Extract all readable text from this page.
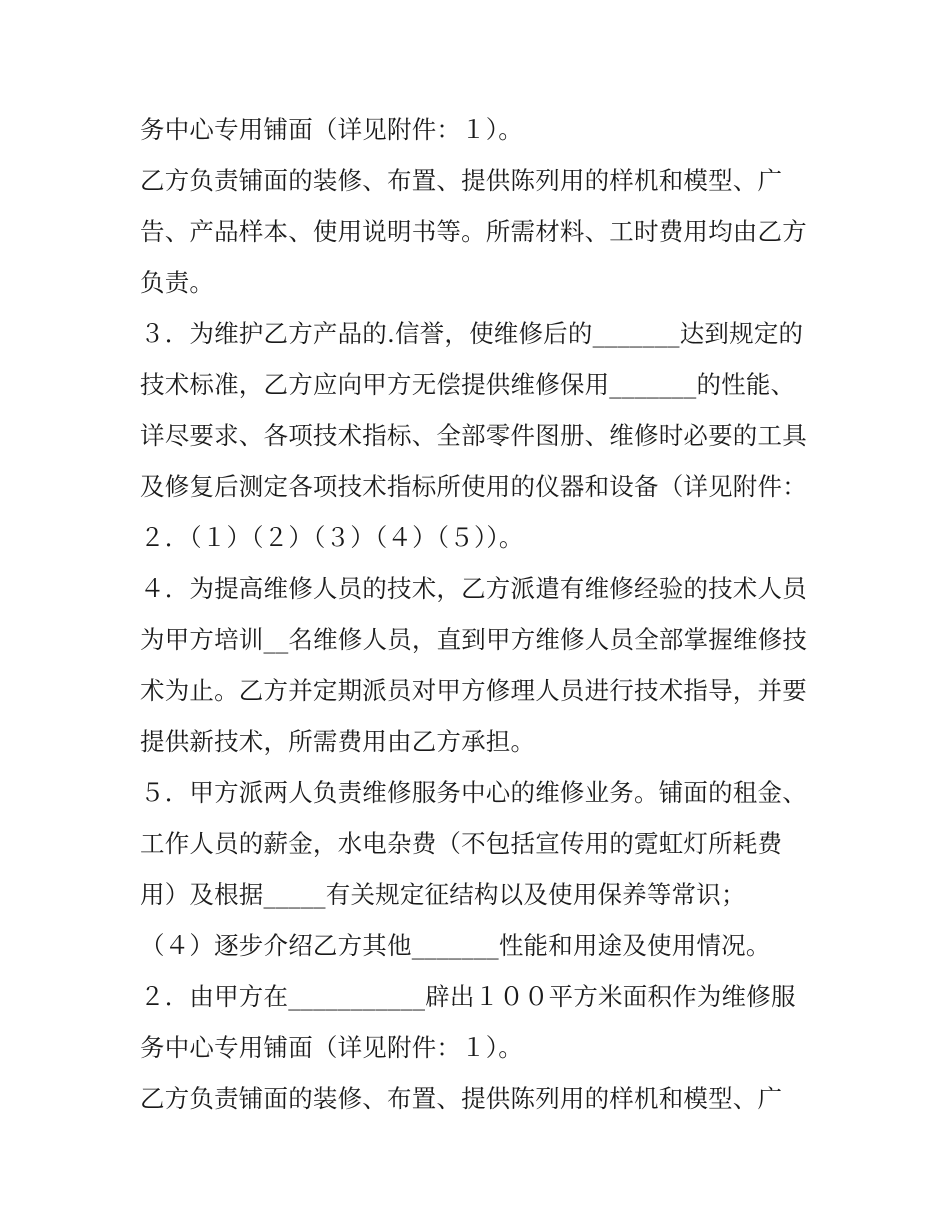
务中心专用铺面（详见附件：１）。
乙方负责铺面的装修、布置、提供陈列用的样机和模型、广
告、产品样本、使用说明书等。所需材料、工时费用均由乙方
负责。
３．为维护乙方产品的.信誉，使维修后的_______达到规定的
技术标准，乙方应向甲方无偿提供维修保用_______的性能、
详尽要求、各项技术指标、全部零件图册、维修时必要的工具
及修复后测定各项技术指标所使用的仪器和设备（详见附件：
２．（１）（２）（３）（４）（５））。
４．为提高维修人员的技术，乙方派遣有维修经验的技术人员
为甲方培训__名维修人员，直到甲方维修人员全部掌握维修技
术为止。乙方并定期派员对甲方修理人员进行技术指导，并要
提供新技术，所需费用由乙方承担。
５．甲方派两人负责维修服务中心的维修业务。铺面的租金、
工作人员的薪金，水电杂费（不包括宣传用的霓虹灯所耗费
用）及根据_____有关规定征结构以及使用保养等常识；
（４）逐步介绍乙方其他_______性能和用途及使用情况。
２．由甲方在___________辟出１００平方米面积作为维修服
务中心专用铺面（详见附件：１）。
乙方负责铺面的装修、布置、提供陈列用的样机和模型、广
